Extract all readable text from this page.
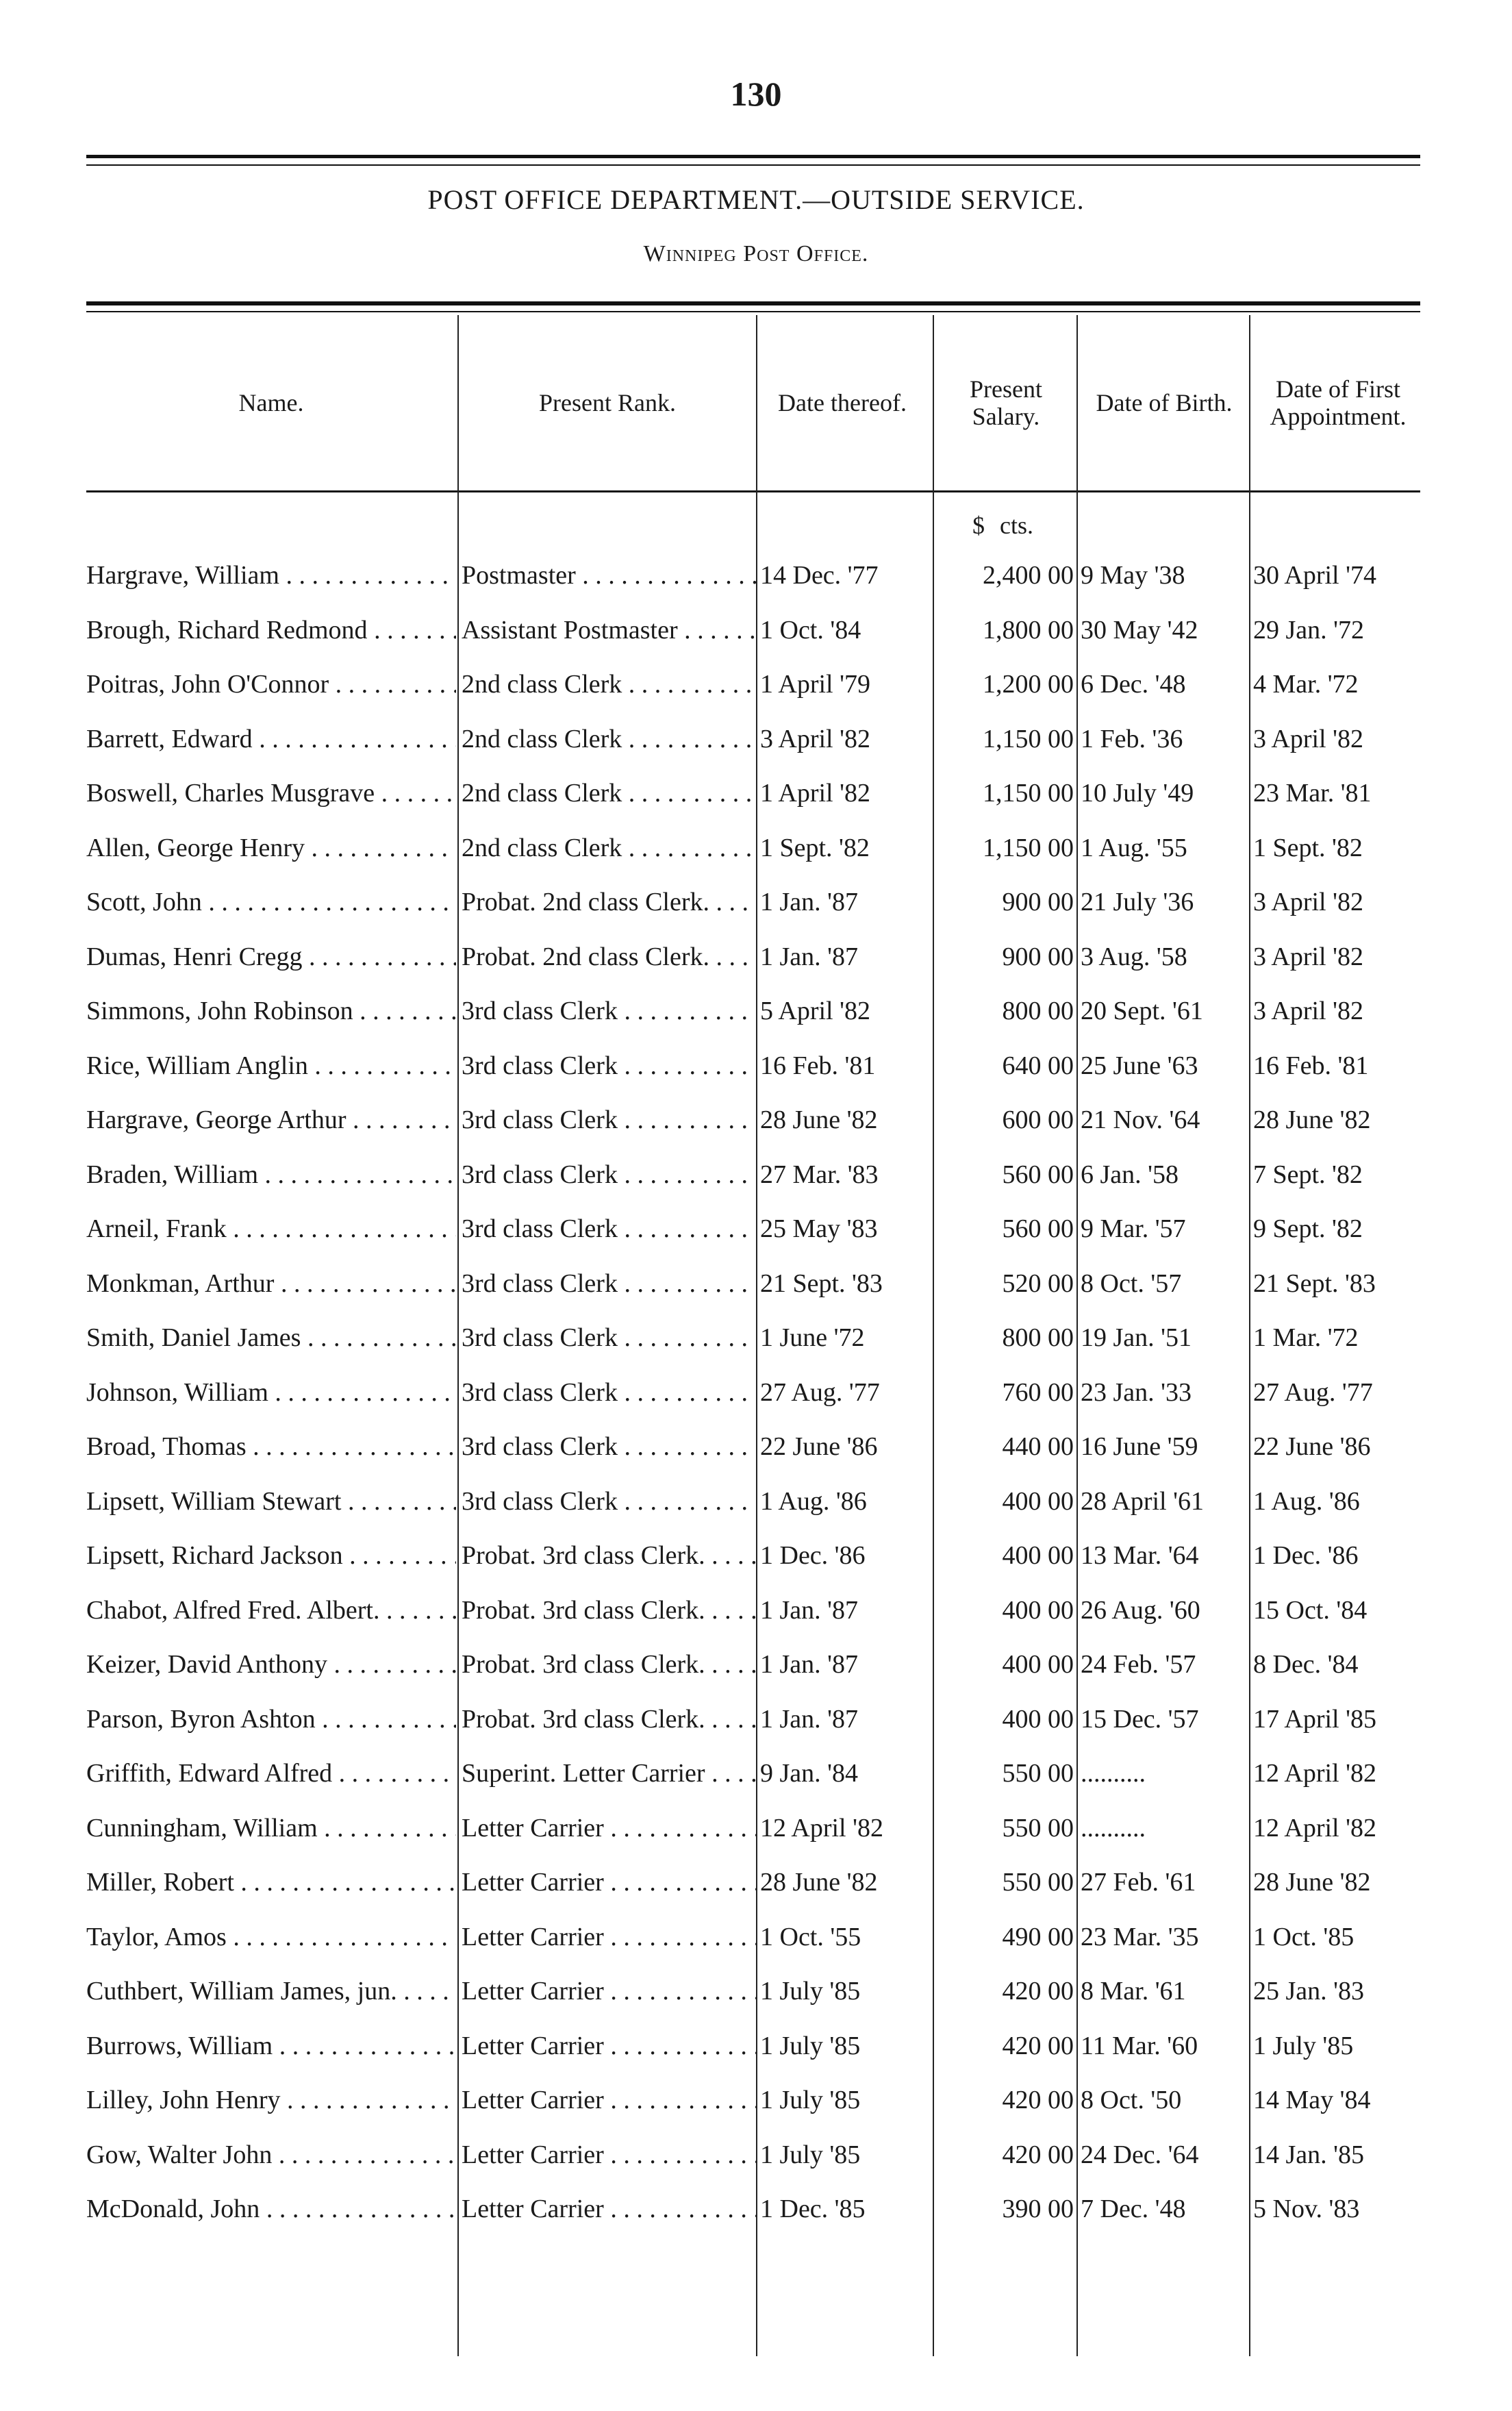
130
POST OFFICE DEPARTMENT.—OUTSIDE SERVICE.
Winnipeg Post Office.
Name.	Present Rank.	Date thereof.	Present Salary.	Date of Birth.	Date of First Appointment.
$ cts.
Hargrave, William . . .	Postmaster . . .	14 Dec. '77	2,400 00 9 May '38	30 April '74
Brough, Richard Redmond . . .	Assistant Postmaster . . .	1 Oct. '84	1,800 00 30 May '42	29 Jan. '72
Poitras, John O'Connor . . .	2nd class Clerk . . .	1 April '79	1,200 00 6 Dec. '48	4 Mar. '72
Barrett, Edward . . .	2nd class Clerk . . .	3 April '82	1,150 00 1 Feb. '36	3 April '82
Boswell, Charles Musgrave . . .	2nd class Clerk . . .	1 April '82	1,150 00 10 July '49	23 Mar. '81
Allen, George Henry . . .	2nd class Clerk . . .	1 Sept. '82	1,150 00 1 Aug. '55	1 Sept. '82
Scott, John . . .	Probat. 2nd class Clerk. . . .	1 Jan. '87	900 00 21 July '36	3 April '82
Dumas, Henri Cregg . . .	Probat. 2nd class Clerk. . . .	1 Jan. '87	900 00 3 Aug. '58	3 April '82
Simmons, John Robinson . . .	3rd class Clerk . . .	5 April '82	800 00 20 Sept. '61	3 April '82
Rice, William Anglin . . .	3rd class Clerk . . .	16 Feb. '81	640 00 25 June '63	16 Feb. '81
Hargrave, George Arthur . . .	3rd class Clerk . . .	28 June '82	600 00 21 Nov. '64	28 June '82
Braden, William . . .	3rd class Clerk . . .	27 Mar. '83	560 00 6 Jan. '58	7 Sept. '82
Arneil, Frank . . .	3rd class Clerk . . .	25 May '83	560 00 9 Mar. '57	9 Sept. '82
Monkman, Arthur . . .	3rd class Clerk . . .	21 Sept. '83	520 00 8 Oct. '57	21 Sept. '83
Smith, Daniel James . . .	3rd class Clerk . . .	1 June '72	800 00 19 Jan. '51	1 Mar. '72
Johnson, William . . .	3rd class Clerk . . .	27 Aug. '77	760 00 23 Jan. '33	27 Aug. '77
Broad, Thomas . . .	3rd class Clerk . . .	22 June '86	440 00 16 June '59	22 June '86
Lipsett, William Stewart . . .	3rd class Clerk . . .	1 Aug. '86	400 00 28 April '61	1 Aug. '86
Lipsett, Richard Jackson . . .	Probat. 3rd class Clerk. . . .	1 Dec. '86	400 00 13 Mar. '64	1 Dec. '86
Chabot, Alfred Fred. Albert. . . .	Probat. 3rd class Clerk. . . .	1 Jan. '87	400 00 26 Aug. '60	15 Oct. '84
Keizer, David Anthony . . .	Probat. 3rd class Clerk. . . .	1 Jan. '87	400 00 24 Feb. '57	8 Dec. '84
Parson, Byron Ashton . . .	Probat. 3rd class Clerk. . . .	1 Jan. '87	400 00 15 Dec. '57	17 April '85
Griffith, Edward Alfred . . .	Superint. Letter Carrier . . .	9 Jan. '84	550 00 ..........	12 April '82
Cunningham, William . . .	Letter Carrier . . .	12 April '82	550 00 ..........	12 April '82
Miller, Robert . . .	Letter Carrier . . .	28 June '82	550 00 27 Feb. '61	28 June '82
Taylor, Amos . . .	Letter Carrier . . .	1 Oct. '55	490 00 23 Mar. '35	1 Oct. '85
Cuthbert, William James, jun. . . .	Letter Carrier . . .	1 July '85	420 00 8 Mar. '61	25 Jan. '83
Burrows, William . . .	Letter Carrier . . .	1 July '85	420 00 11 Mar. '60	1 July '85
Lilley, John Henry . . .	Letter Carrier . . .	1 July '85	420 00 8 Oct. '50	14 May '84
Gow, Walter John . . .	Letter Carrier . . .	1 July '85	420 00 24 Dec. '64	14 Jan. '85
McDonald, John . . .	Letter Carrier . . .	1 Dec. '85	390 00 7 Dec. '48	5 Nov. '83
